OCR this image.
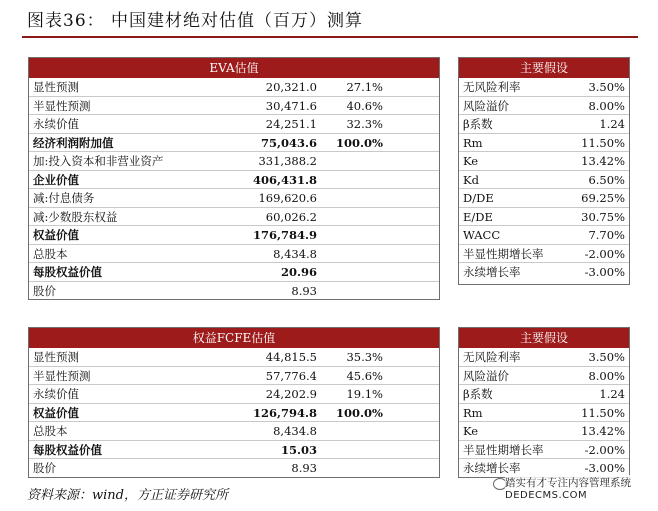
图表36： 中国建材绝对估值（百万）测算
EVA估值
显性预测	20,321.0	27.1%
半显性预测	30,471.6	40.6%
永续价值	24,251.1	32.3%
经济利润附加值	75,043.6	100.0%
加:投入资本和非营业资产	331,388.2
企业价值	406,431.8
减:付息债务	169,620.6
减:少数股东权益	60,026.2
权益价值	176,784.9
总股本	8,434.8
每股权益价值	20.96
股价	8.93
主要假设
无风险利率	3.50%
风险溢价	8.00%
β系数	1.24
Rm	11.50%
Ke	13.42%
Kd	6.50%
D/DE	69.25%
E/DE	30.75%
WACC	7.70%
半显性期增长率	-2.00%
永续增长率	-3.00%
权益FCFE估值
显性预测	44,815.5	35.3%
半显性预测	57,776.4	45.6%
永续价值	24,202.9	19.1%
权益价值	126,794.8	100.0%
总股本	8,434.8
每股权益价值	15.03
股价	8.93
主要假设
无风险利率	3.50%
风险溢价	8.00%
β系数	1.24
Rm	11.50%
Ke	13.42%
半显性期增长率	-2.00%
永续增长率	-3.00%
资料来源：wind，方正证券研究所
踏实有才专注内容管理系统
DEDECMS.COM
